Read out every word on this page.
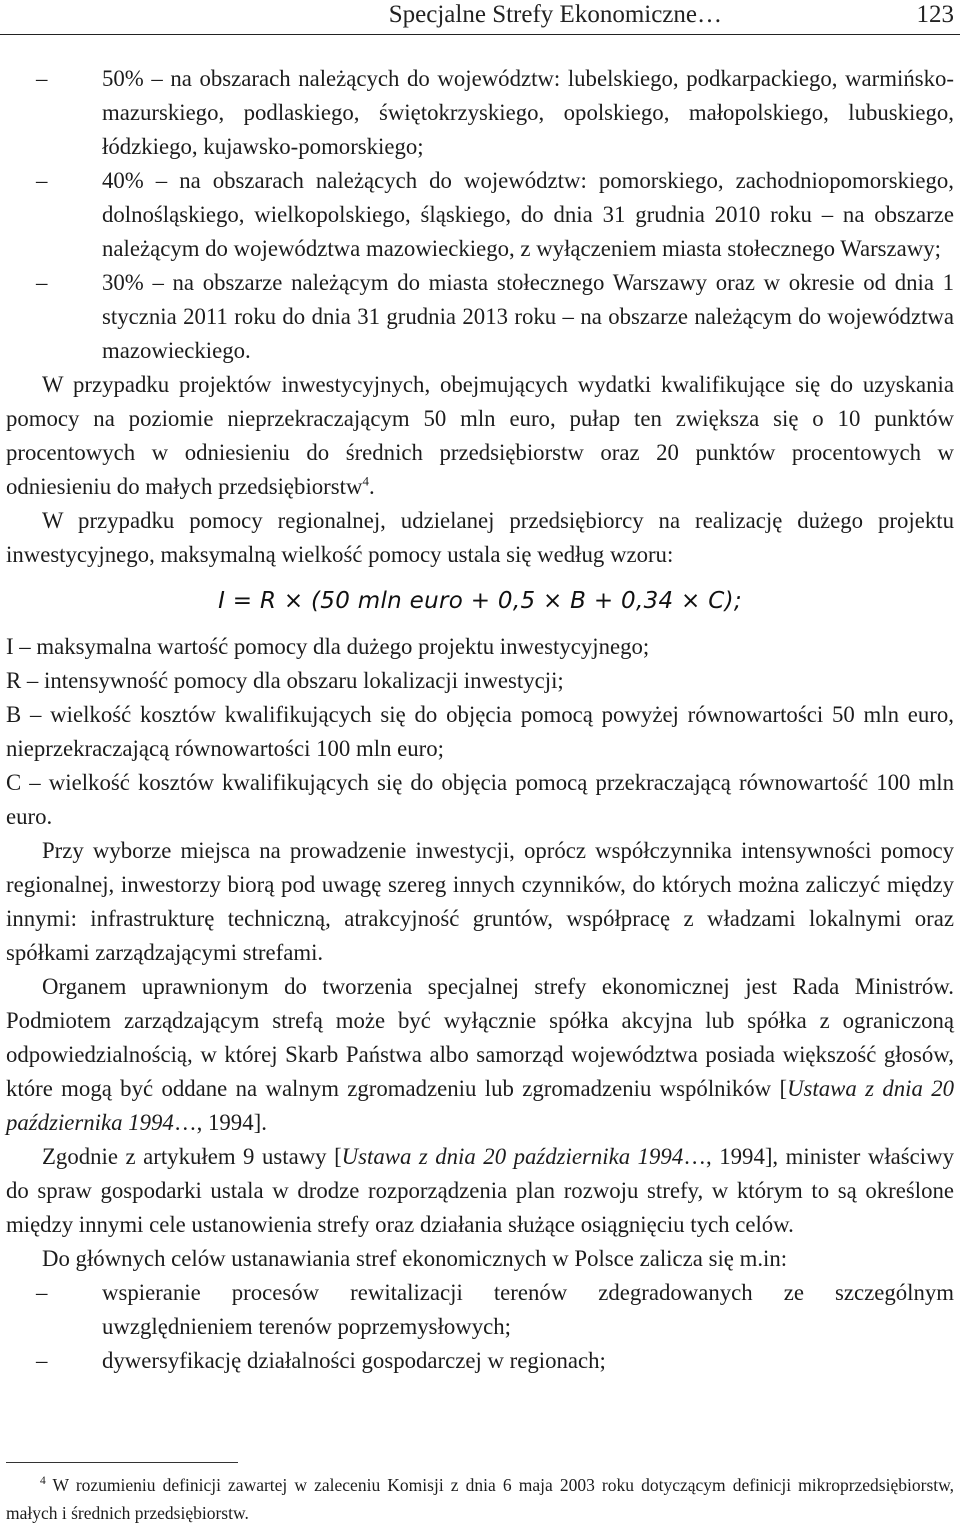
Specjalne Strefy Ekonomiczne…	123
– 50% – na obszarach należących do województw: lubelskiego, podkarpackiego, warmińsko-mazurskiego, podlaskiego, świętokrzyskiego, opolskiego, małopolskiego, lubuskiego, łódzkiego, kujawsko-pomorskiego;
– 40% – na obszarach należących do województw: pomorskiego, zachodniopomorskiego, dolnośląskiego, wielkopolskiego, śląskiego, do dnia 31 grudnia 2010 roku – na obszarze należącym do województwa mazowieckiego, z wyłączeniem miasta stołecznego Warszawy;
– 30% – na obszarze należącym do miasta stołecznego Warszawy oraz w okresie od dnia 1 stycznia 2011 roku do dnia 31 grudnia 2013 roku – na obszarze należącym do województwa mazowieckiego.

W przypadku projektów inwestycyjnych, obejmujących wydatki kwalifikujące się do uzyskania pomocy na poziomie nieprzekraczającym 50 mln euro, pułap ten zwiększa się o 10 punktów procentowych w odniesieniu do średnich przedsiębiorstw oraz 20 punktów procentowych w odniesieniu do małych przedsiębiorstw$^4$.

W przypadku pomocy regionalnej, udzielanej przedsiębiorcy na realizację dużego projektu inwestycyjnego, maksymalną wielkość pomocy ustala się według wzoru:

I = R × (50 mln euro + 0,5 × B + 0,34 × C);

I – maksymalna wartość pomocy dla dużego projektu inwestycyjnego;

R – intensywność pomocy dla obszaru lokalizacji inwestycji;

B – wielkość kosztów kwalifikujących się do objęcia pomocą powyżej równowartości 50 mln euro, nieprzekraczającą równowartości 100 mln euro;

C – wielkość kosztów kwalifikujących się do objęcia pomocą przekraczającą równowartość 100 mln euro.

Przy wyborze miejsca na prowadzenie inwestycji, oprócz współczynnika intensywności pomocy regionalnej, inwestorzy biorą pod uwagę szereg innych czynników, do których można zaliczyć między innymi: infrastrukturę techniczną, atrakcyjność gruntów, współpracę z władzami lokalnymi oraz spółkami zarządzającymi strefami.

Organem uprawnionym do tworzenia specjalnej strefy ekonomicznej jest Rada Ministrów. Podmiotem zarządzającym strefą może być wyłącznie spółka akcyjna lub spółka z ograniczoną odpowiedzialnością, w której Skarb Państwa albo samorząd województwa posiada większość głosów, które mogą być oddane na walnym zgromadzeniu lub zgromadzeniu wspólników [Ustawa z dnia 20 października 1994…, 1994].

Zgodnie z artykułem 9 ustawy [Ustawa z dnia 20 października 1994…, 1994], minister właściwy do spraw gospodarki ustala w drodze rozporządzenia plan rozwoju strefy, w którym to są określone między innymi cele ustanowienia strefy oraz działania służące osiągnięciu tych celów.

Do głównych celów ustanawiania stref ekonomicznych w Polsce zalicza się m.in:

– wspieranie procesów rewitalizacji terenów zdegradowanych ze szczególnym uwzględnieniem terenów poprzemysłowych;
– dywersyfikację działalności gospodarczej w regionach;
$^4$ W rozumieniu definicji zawartej w zaleceniu Komisji z dnia 6 maja 2003 roku dotyczącym definicji mikroprzedsiębiorstw, małych i średnich przedsiębiorstw.
